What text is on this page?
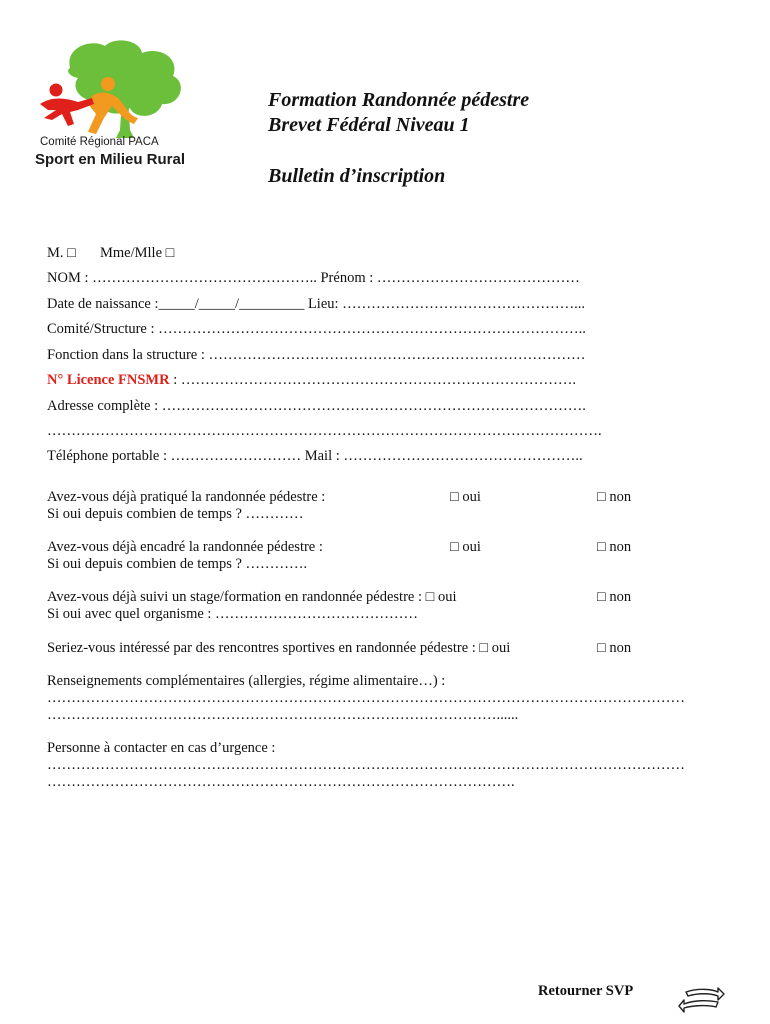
Comité Régional PACA
Sport en Milieu Rural
Formation Randonnée pédestre
Brevet Fédéral Niveau 1
Bulletin d’inscription
M. □ Mme/Mlle □
NOM : ……………………………………….. Prénom : ……………………………………
Date de naissance :_____/_____/_________ Lieu: …………………………………………...
Comité/Structure : ……………………………………………………………………………..
Fonction dans la structure : ……………………………………………………………………
N° Licence FNSMR : ……………………………………………………………………….
Adresse complète : …………………………………………………………………………….
…………………………………………………………………………………………………….
Téléphone portable : ……………………… Mail : …………………………………………..
Avez-vous déjà pratiqué la randonnée pédestre :	□ oui	□ non
Si oui depuis combien de temps ? …………
Avez-vous déjà encadré la randonnée pédestre :	□ oui	□ non
Si oui depuis combien de temps ? ………….
Avez-vous déjà suivi un stage/formation en randonnée pédestre : □ oui	□ non
Si oui avec quel organisme : ……………………………………
Seriez-vous intéressé par des rencontres sportives en randonnée pédestre : □ oui	□ non
Renseignements complémentaires (allergies, régime alimentaire…) :
……………………………………………………………………………………………………………………
…………………………………………………………………………………......
Personne à contacter en cas d’urgence :
……………………………………………………………………………………………………………………
…………………………………………………………………………………….
Retourner SVP
